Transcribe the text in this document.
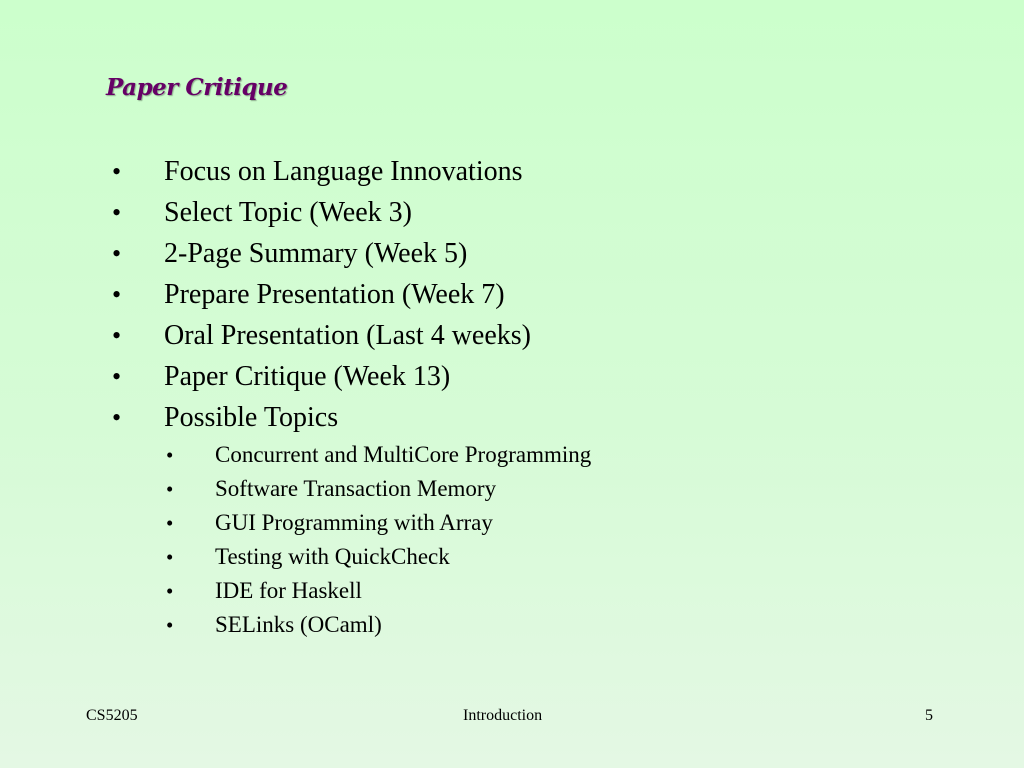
Paper Critique
• Focus on Language Innovations
• Select Topic (Week 3)
• 2-Page Summary (Week 5)
• Prepare Presentation (Week 7)
• Oral Presentation (Last 4 weeks)
• Paper Critique (Week 13)
• Possible Topics
• Concurrent and MultiCore Programming
• Software Transaction Memory
• GUI Programming with Array
• Testing with QuickCheck
• IDE for Haskell
• SELinks (OCaml)
CS5205	Introduction	5
